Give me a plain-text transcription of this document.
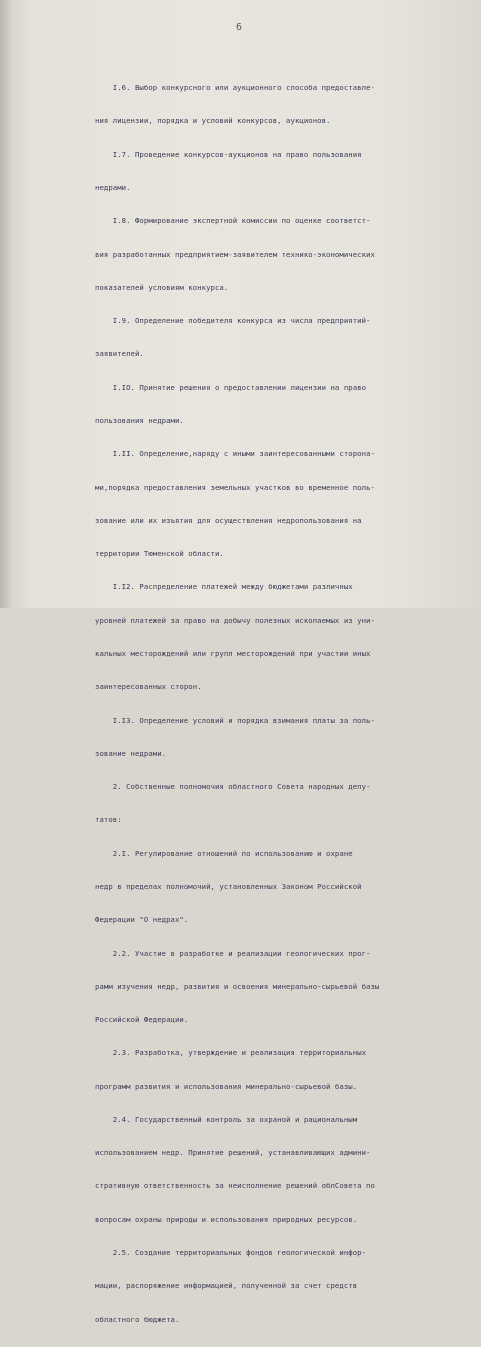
6

I.6. Выбор конкурсного или аукционного способа предоставле-

ния лицензии, порядка и условий конкурсов, аукционов.

I.7. Проведение конкурсов-аукционов на право пользования

недрами.

I.8. Формирование экспертной комиссии по оценке соответст-

вия разработанных предприятием-заявителем технико-экономических

показателей условиям конкурса.

I.9. Определение победителя конкурса из числа предприятий-

заявителей.

I.IO. Принятие решения о предоставлении лицензии на право

пользования недрами.

I.II. Определение,наряду с иными заинтересованными сторона-

ми,порядка предоставления земельных участков во временное поль-

зование или их изъятия для осуществления недропользования на

территории Тюменской области.

I.I2. Распределение платежей между бюджетами различных

уровней платежей за право на добычу полезных ископаемых из уни-

кальных месторождений или групп месторождений при участии иных

заинтересованных сторон.

I.I3. Определение условий и порядка взимания платы за поль-

зование недрами.

2. Собственные полномочия областного Совета народных депу-

татов:

2.I. Регулирование отношений по использованию и охране

недр в пределах полномочий, установленных Законом Российской

Федерации "О недрах".

2.2. Участие в разработке и реализации геологических прог-

рамм изучения недр, развития и освоения минерально-сырьевой базы

Российской Федерации.

2.3. Разработка, утверждение и реализация территориальных

программ развития и использования минерально-сырьевой базы.

2.4. Государственный контроль за охраной и рациональным

использованием недр. Принятие решений, устанавливающих админи-

стративную ответственность за неисполнение решений облСовета по

вопросам охраны природы и использования природных ресурсов.

2.5. Создание территориальных фондов геологической инфор-

мации, распоряжение информацией, полученной за счет средств

областного бюджета.
